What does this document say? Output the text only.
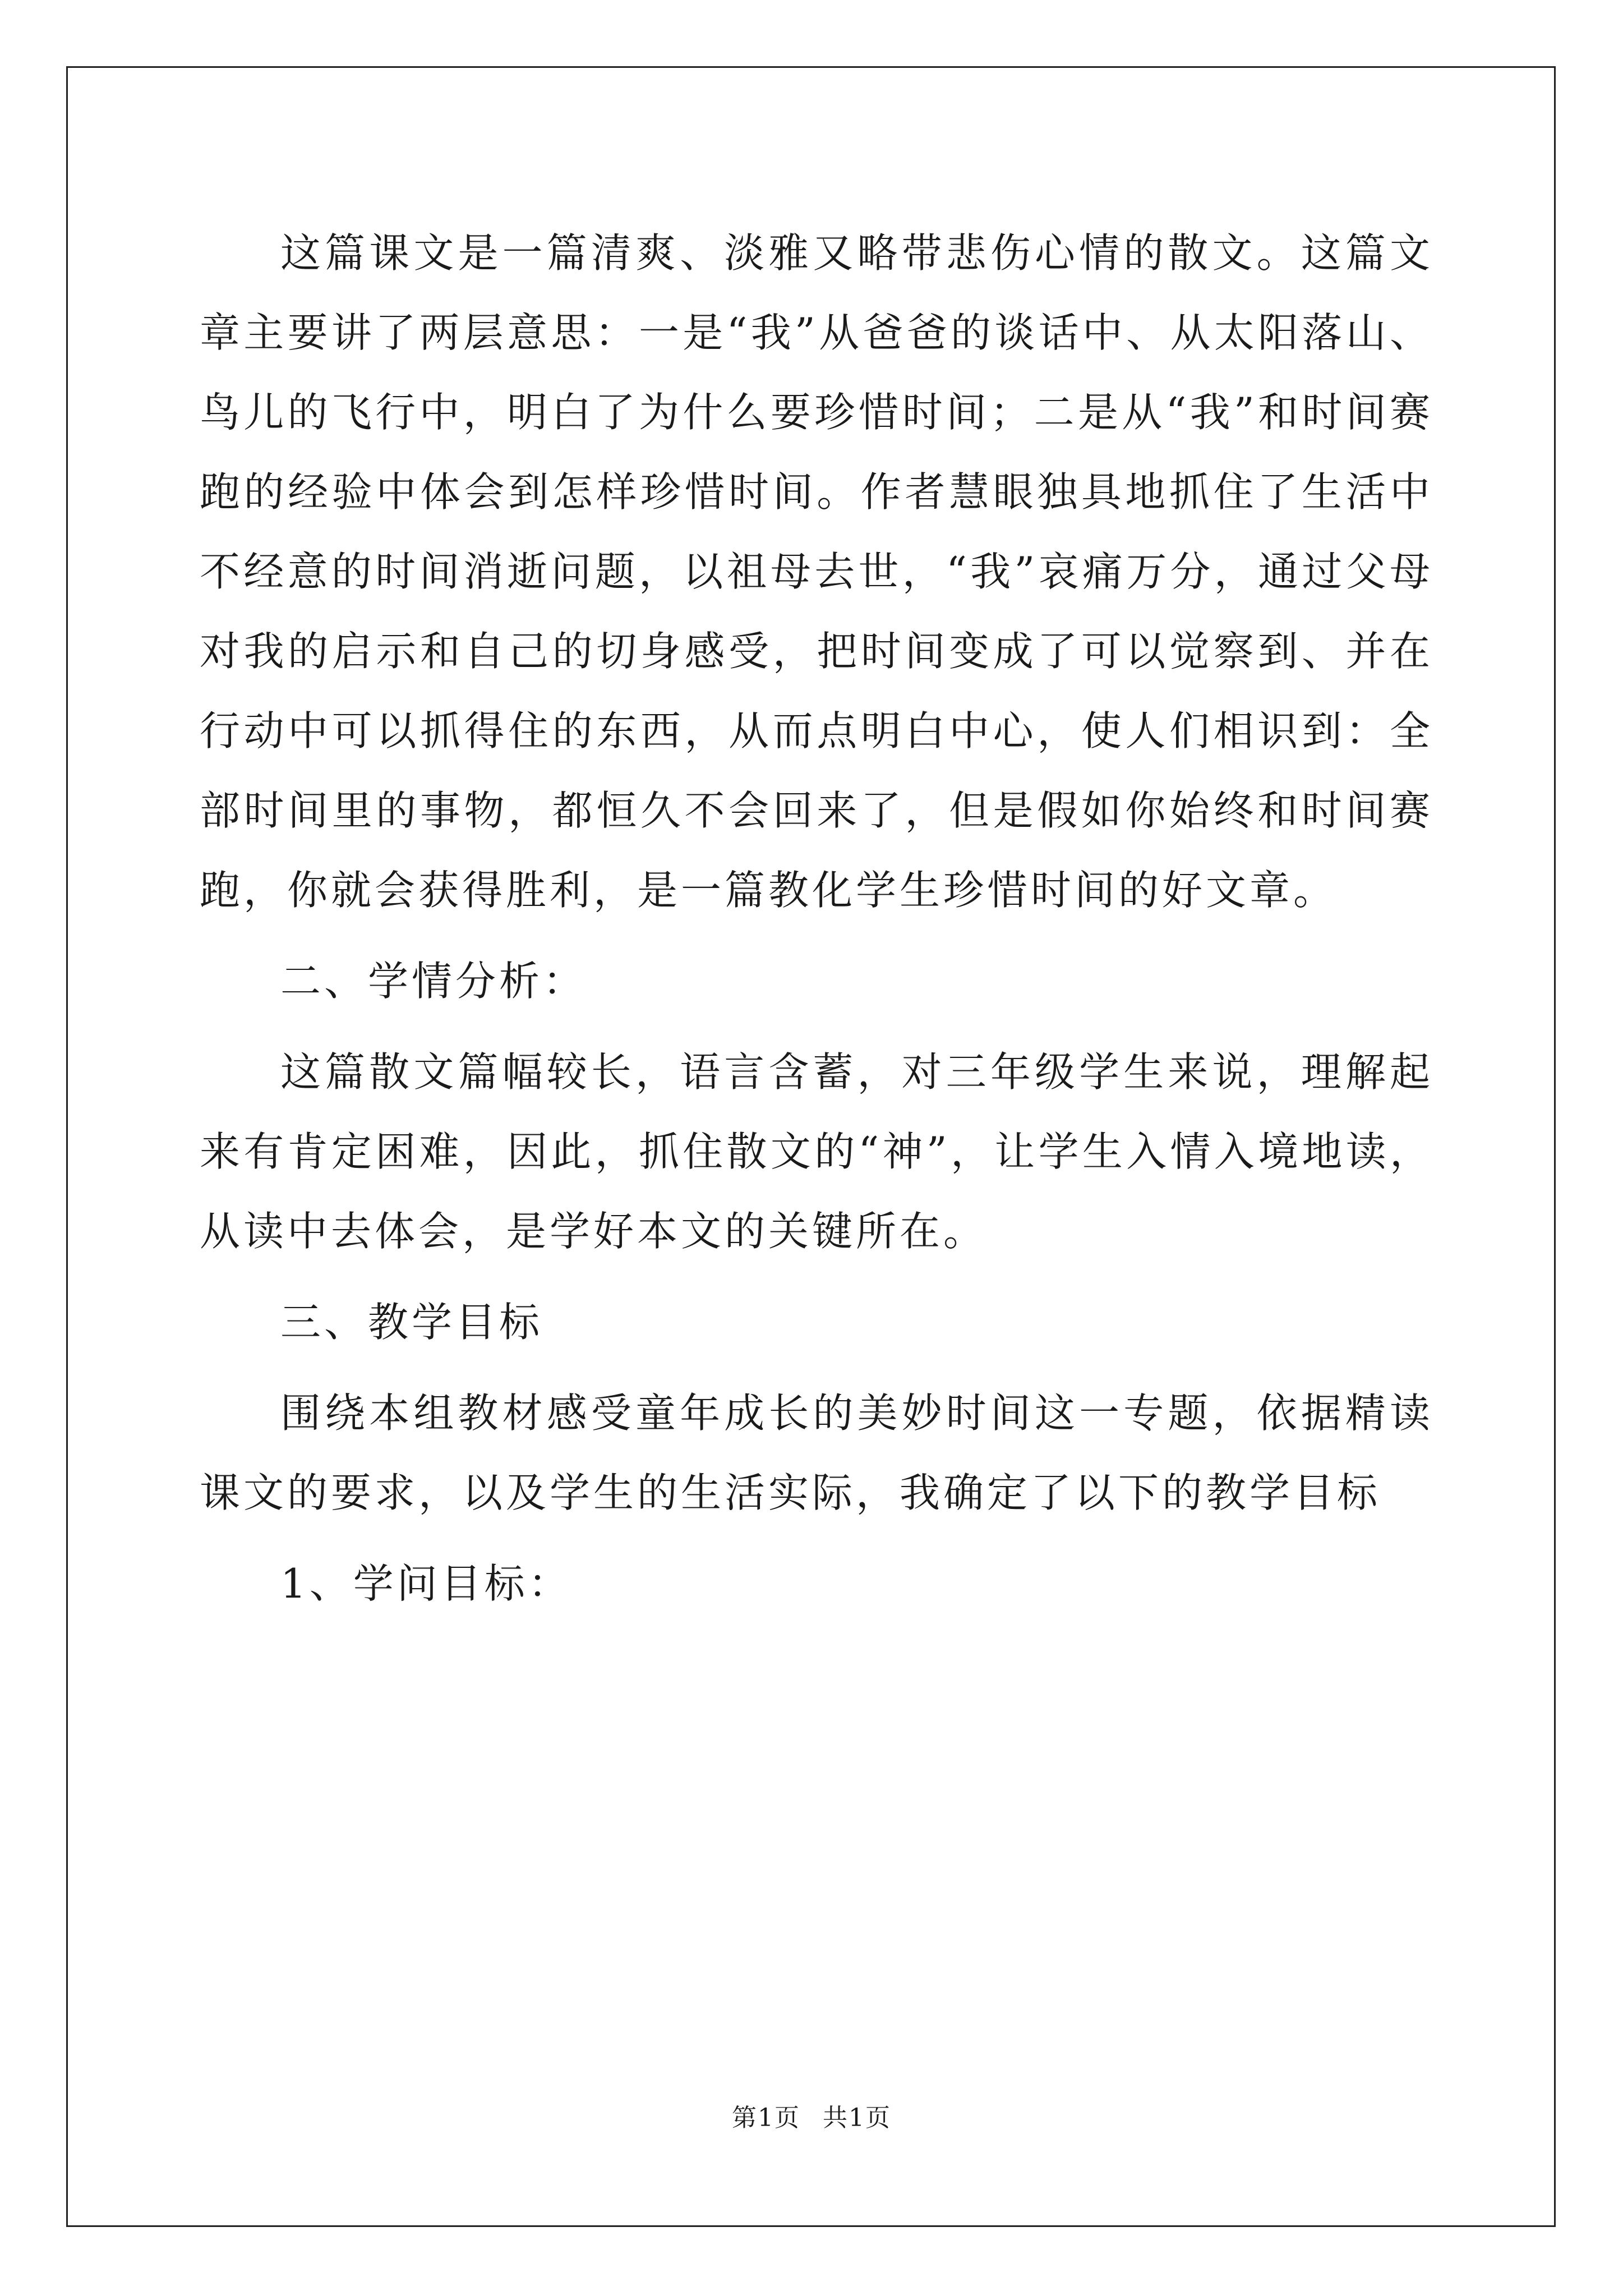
这篇课文是一篇清爽、淡雅又略带悲伤心情的散文。这篇文章主要讲了两层意思：一是“我”从爸爸的谈话中、从太阳落山、鸟儿的飞行中，明白了为什么要珍惜时间；二是从“我”和时间赛跑的经验中体会到怎样珍惜时间。作者慧眼独具地抓住了生活中不经意的时间消逝问题，以祖母去世，“我”哀痛万分，通过父母对我的启示和自己的切身感受，把时间变成了可以觉察到、并在行动中可以抓得住的东西，从而点明白中心，使人们相识到：全部时间里的事物，都恒久不会回来了，但是假如你始终和时间赛跑，你就会获得胜利，是一篇教化学生珍惜时间的好文章。

二、学情分析：

这篇散文篇幅较长，语言含蓄，对三年级学生来说，理解起来有肯定困难，因此，抓住散文的“神”，让学生入情入境地读，从读中去体会，是学好本文的关键所在。

三、教学目标

围绕本组教材感受童年成长的美妙时间这一专题，依据精读课文的要求，以及学生的生活实际，我确定了以下的教学目标

1、学问目标：

第1页 共1页
